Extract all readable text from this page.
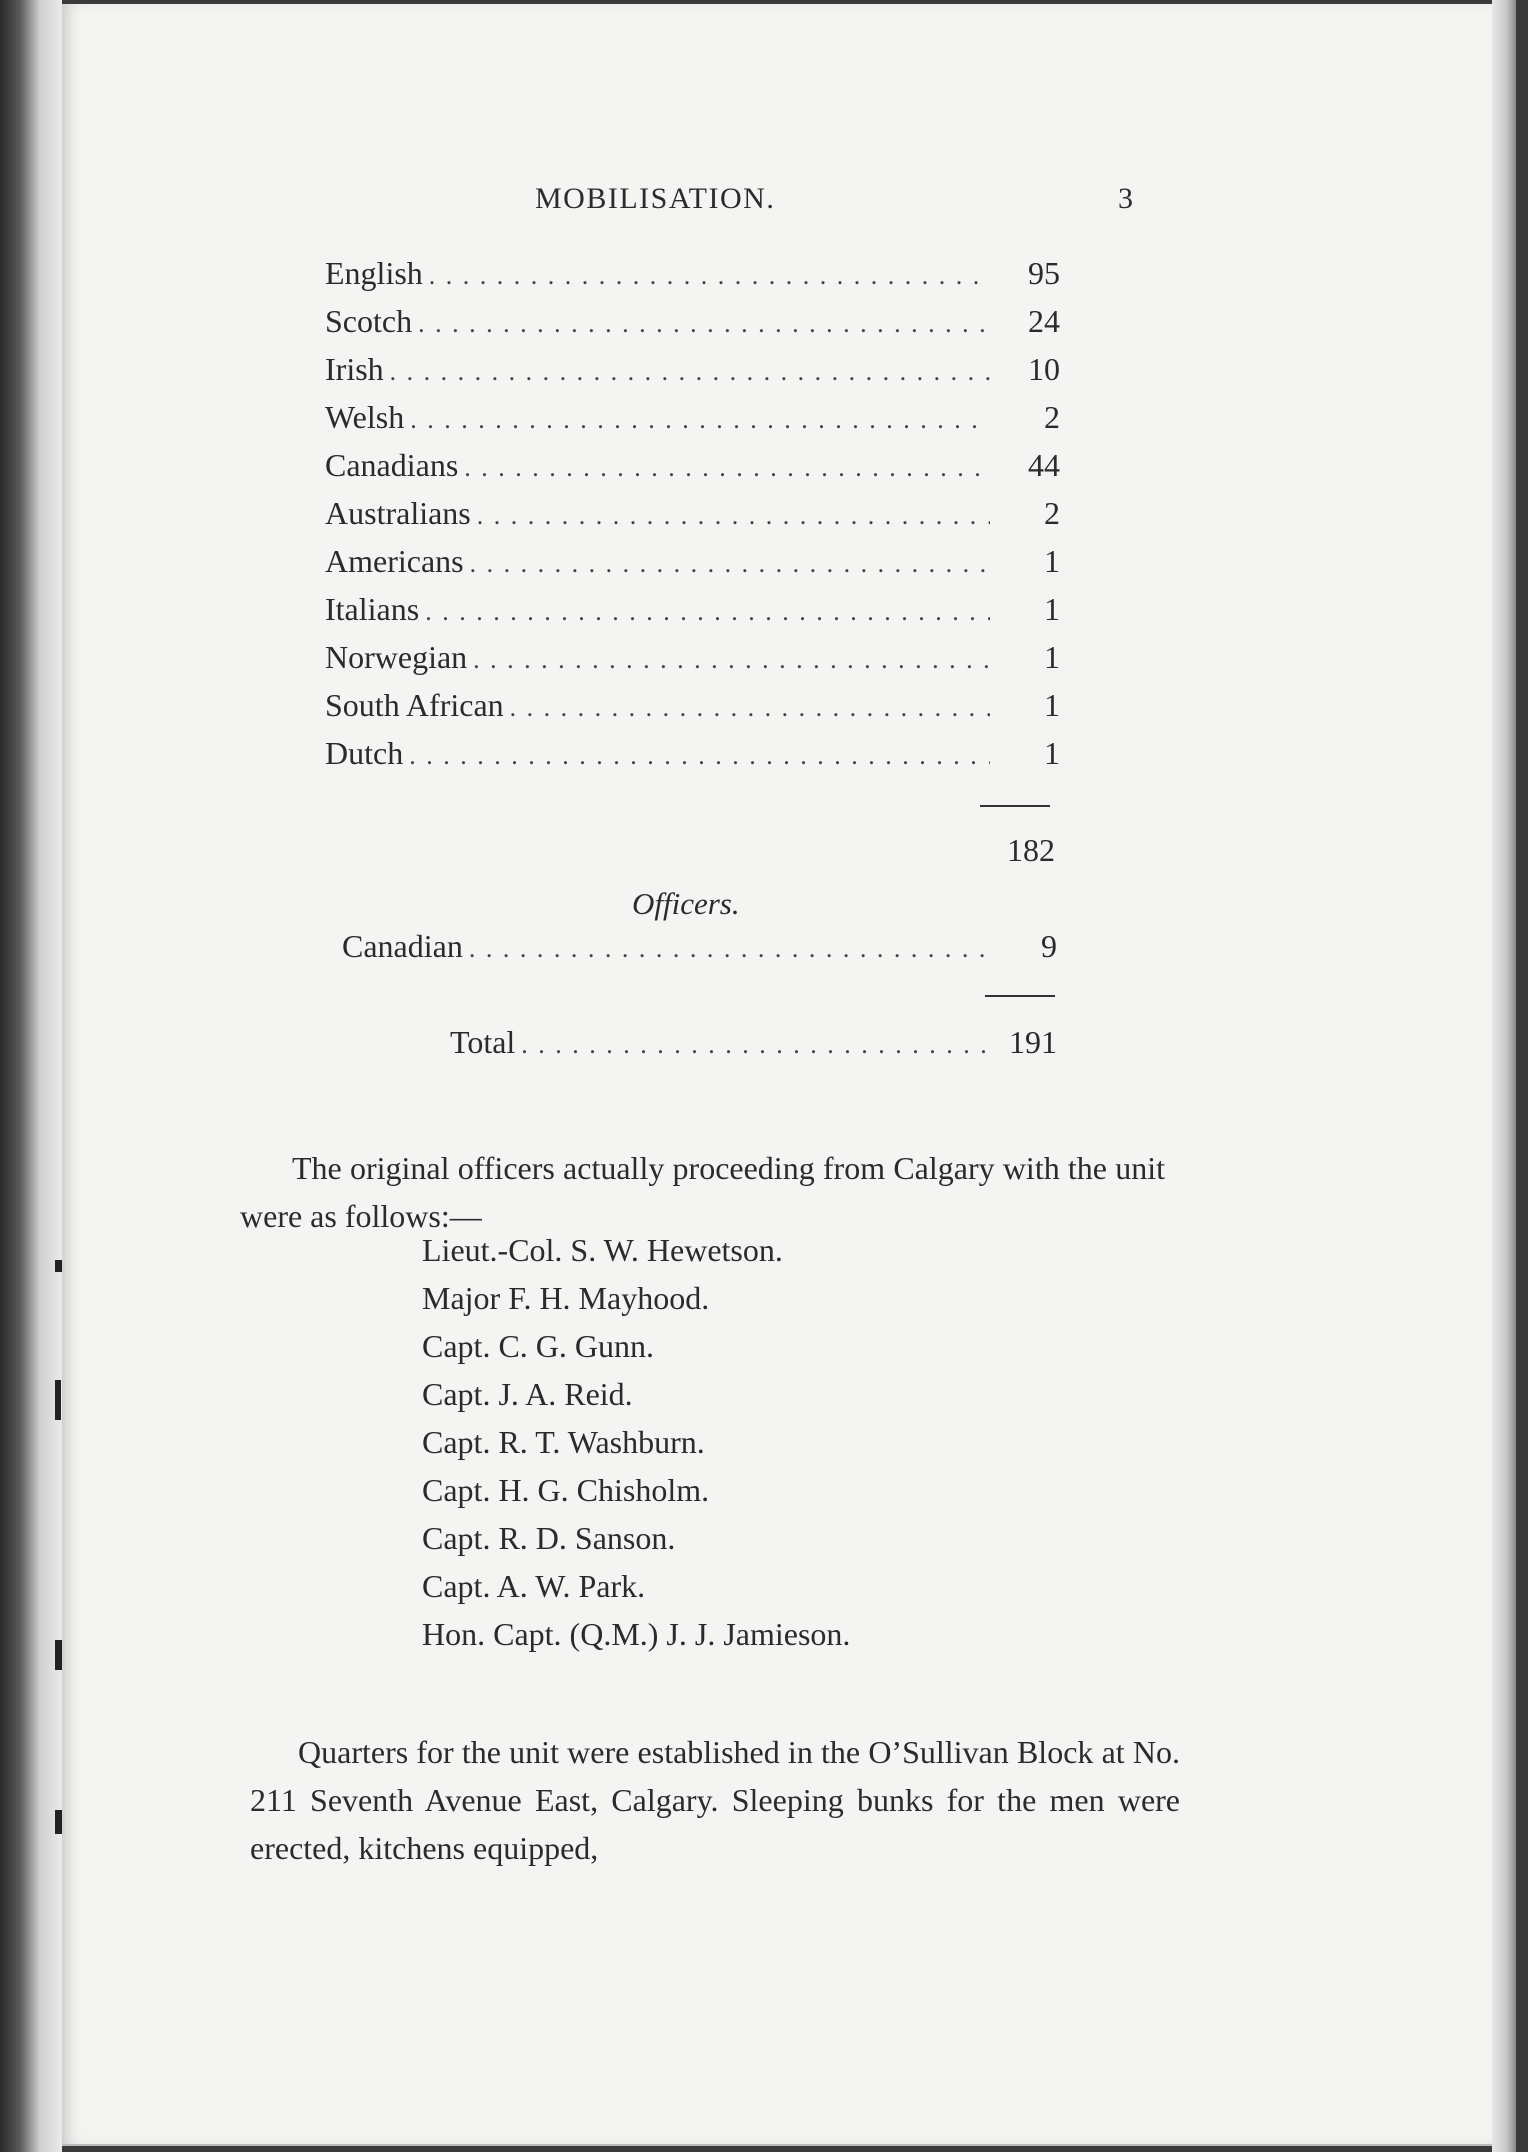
MOBILISATION.	3
English . . .	95
Scotch . . .	24
Irish . . .	10
Welsh . . .	2
Canadians . . .	44
Australians . . .	2
Americans . . .	1
Italians . . .	1
Norwegian . . .	1
South African . . .	1
Dutch . . .	1
182
Officers.
Canadian . . .	9
Total . . .	191

The original officers actually proceeding from Calgary with the unit were as follows:—

Lieut.-Col. S. W. Hewetson.
Major F. H. Mayhood.
Capt. C. G. Gunn.
Capt. J. A. Reid.
Capt. R. T. Washburn.
Capt. H. G. Chisholm.
Capt. R. D. Sanson.
Capt. A. W. Park.
Hon. Capt. (Q.M.) J. J. Jamieson.

Quarters for the unit were established in the O’Sullivan Block at No. 211 Seventh Avenue East, Calgary. Sleeping bunks for the men were erected, kitchens equipped,
